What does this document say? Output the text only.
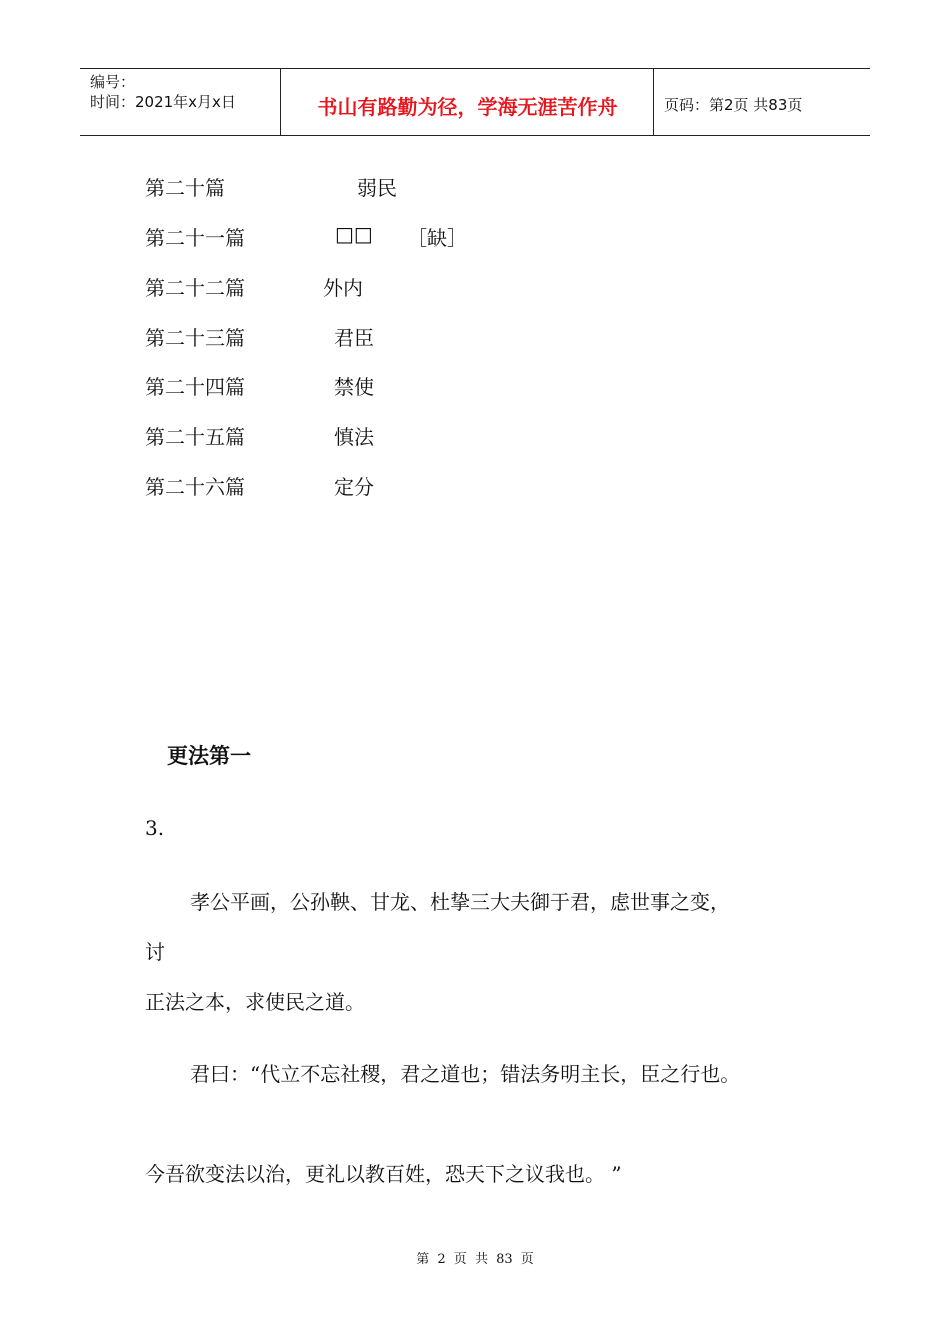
编号：
时间：2021年x月x日	书山有路勤为径，学海无涯苦作舟	页码：第2页 共83页
第二十篇	弱民
第二十一篇	□□ ［缺］
第二十二篇	外内
第二十三篇	君臣
第二十四篇	禁使
第二十五篇	慎法
第二十六篇	定分
更法第一
3.
孝公平画，公孙鞅、甘龙、杜挚三大夫御于君，虑世事之变，
讨
正法之本，求使民之道。
君曰：“代立不忘社稷，君之道也；错法务明主长，臣之行也。
今吾欲变法以治，更礼以教百姓，恐天下之议我也。 ”
第 2 页 共 83 页
